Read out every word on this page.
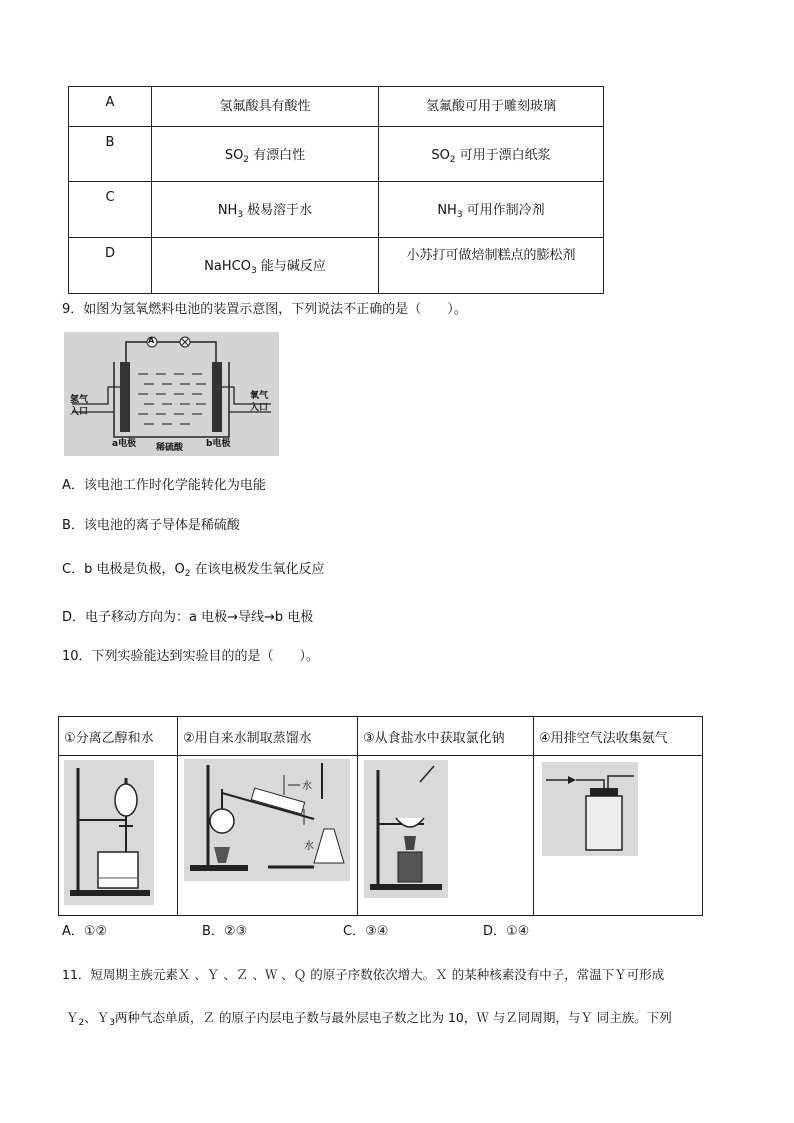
A	氢氟酸具有酸性	氢氟酸可用于雕刻玻璃
B	$SO_2$ 有漂白性	$SO_2$ 可用于漂白纸浆
C	$NH_3$ 极易溶于水	$NH_3$ 可用作制冷剂
D	NaHCO$_3$ 能与碱反应	小苏打可做焙制糕点的膨松剂
9．如图为氢氧燃料电池的装置示意图，下列说法不正确的是（　　）。
A
氢气
入口
氧气
入口
a电极 稀硫酸	b电极
A．该电池工作时化学能转化为电能
B．该电池的离子导体是稀硫酸
C．b 电极是负极，$O_2$ 在该电极发生氧化反应
D．电子移动方向为：a 电极→导线→b 电极
10．下列实验能达到实验目的的是（　　）。
①分离乙醇和水	②用自来水制取蒸馏水	③从食盐水中获取氯化钠	④用排空气法收集氨气

水
水

A．①②	B．②③	C．③④	D．①④
11．短周期主族元素Ｘ 、Ｙ 、Ｚ 、Ｗ 、Ｑ 的原子序数依次增大。Ｘ 的某种核素没有中子，常温下Ｙ可形成
Ｙ$_2$、Ｙ$_3$两种气态单质，Ｚ 的原子内层电子数与最外层电子数之比为 10，Ｗ 与Ｚ同周期，与Ｙ 同主族。下列
